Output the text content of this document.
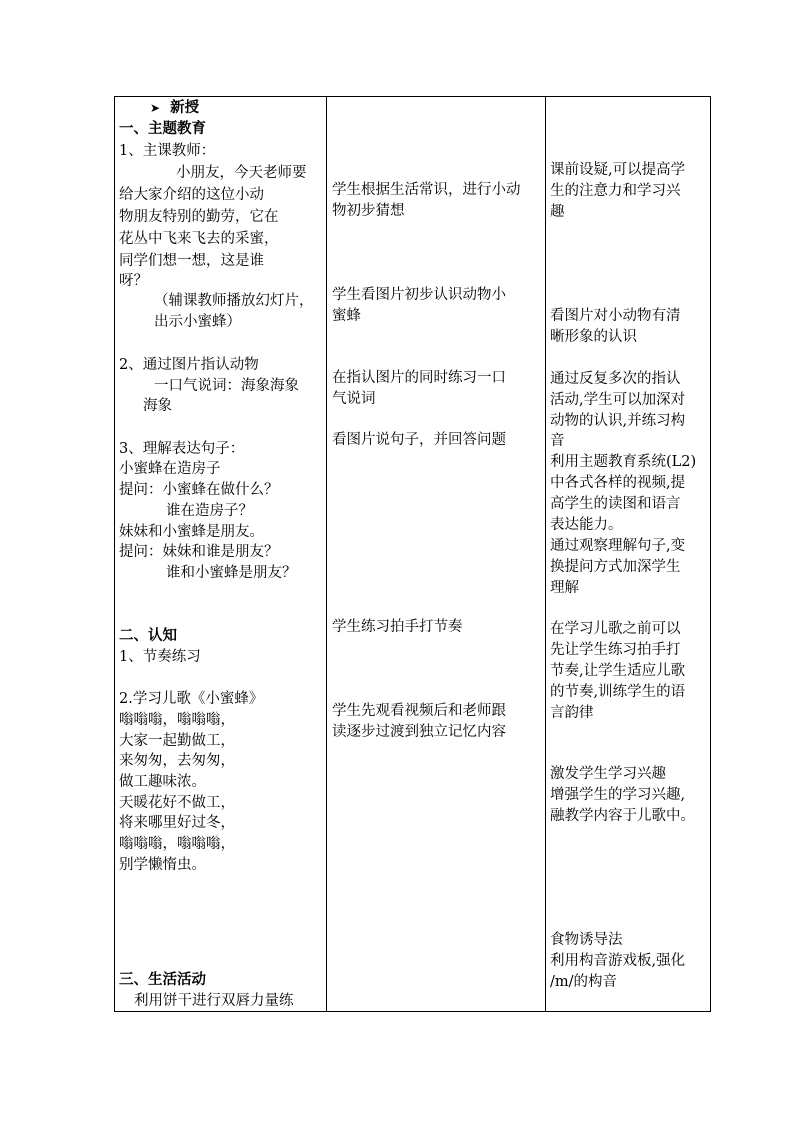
➤ 新授
一、主题教育
1、主课教师：
小朋友，今天老师要
给大家介绍的这位小动
物朋友特别的勤劳，它在
花丛中飞来飞去的采蜜，
同学们想一想，这是谁
呀？
（辅课教师播放幻灯片，
出示小蜜蜂）
2、通过图片指认动物
一口气说词：海象海象
海象
3、理解表达句子：
小蜜蜂在造房子
提问：小蜜蜂在做什么？
谁在造房子？
妹妹和小蜜蜂是朋友。
提问：妹妹和谁是朋友？
谁和小蜜蜂是朋友？
二、认知
1、节奏练习
2.学习儿歌《小蜜蜂》
嗡嗡嗡，嗡嗡嗡，
大家一起勤做工，
来匆匆，去匆匆，
做工趣味浓。
天暖花好不做工，
将来哪里好过冬，
嗡嗡嗡，嗡嗡嗡，
别学懒惰虫。
三、生活活动
利用饼干进行双唇力量练
学生根据生活常识，进行小动
物初步猜想
学生看图片初步认识动物小
蜜蜂
在指认图片的同时练习一口
气说词
看图片说句子，并回答问题
学生练习拍手打节奏
学生先观看视频后和老师跟
读逐步过渡到独立记忆内容
课前设疑,可以提高学
生的注意力和学习兴
趣
看图片对小动物有清
晰形象的认识
通过反复多次的指认
活动,学生可以加深对
动物的认识,并练习构
音
利用主题教育系统(L2)
中各式各样的视频,提
高学生的读图和语言
表达能力。
通过观察理解句子,变
换提问方式加深学生
理解
在学习儿歌之前可以
先让学生练习拍手打
节奏,让学生适应儿歌
的节奏,训练学生的语
言韵律
激发学生学习兴趣
增强学生的学习兴趣,
融教学内容于儿歌中。
食物诱导法
利用构音游戏板,强化
/m/的构音
